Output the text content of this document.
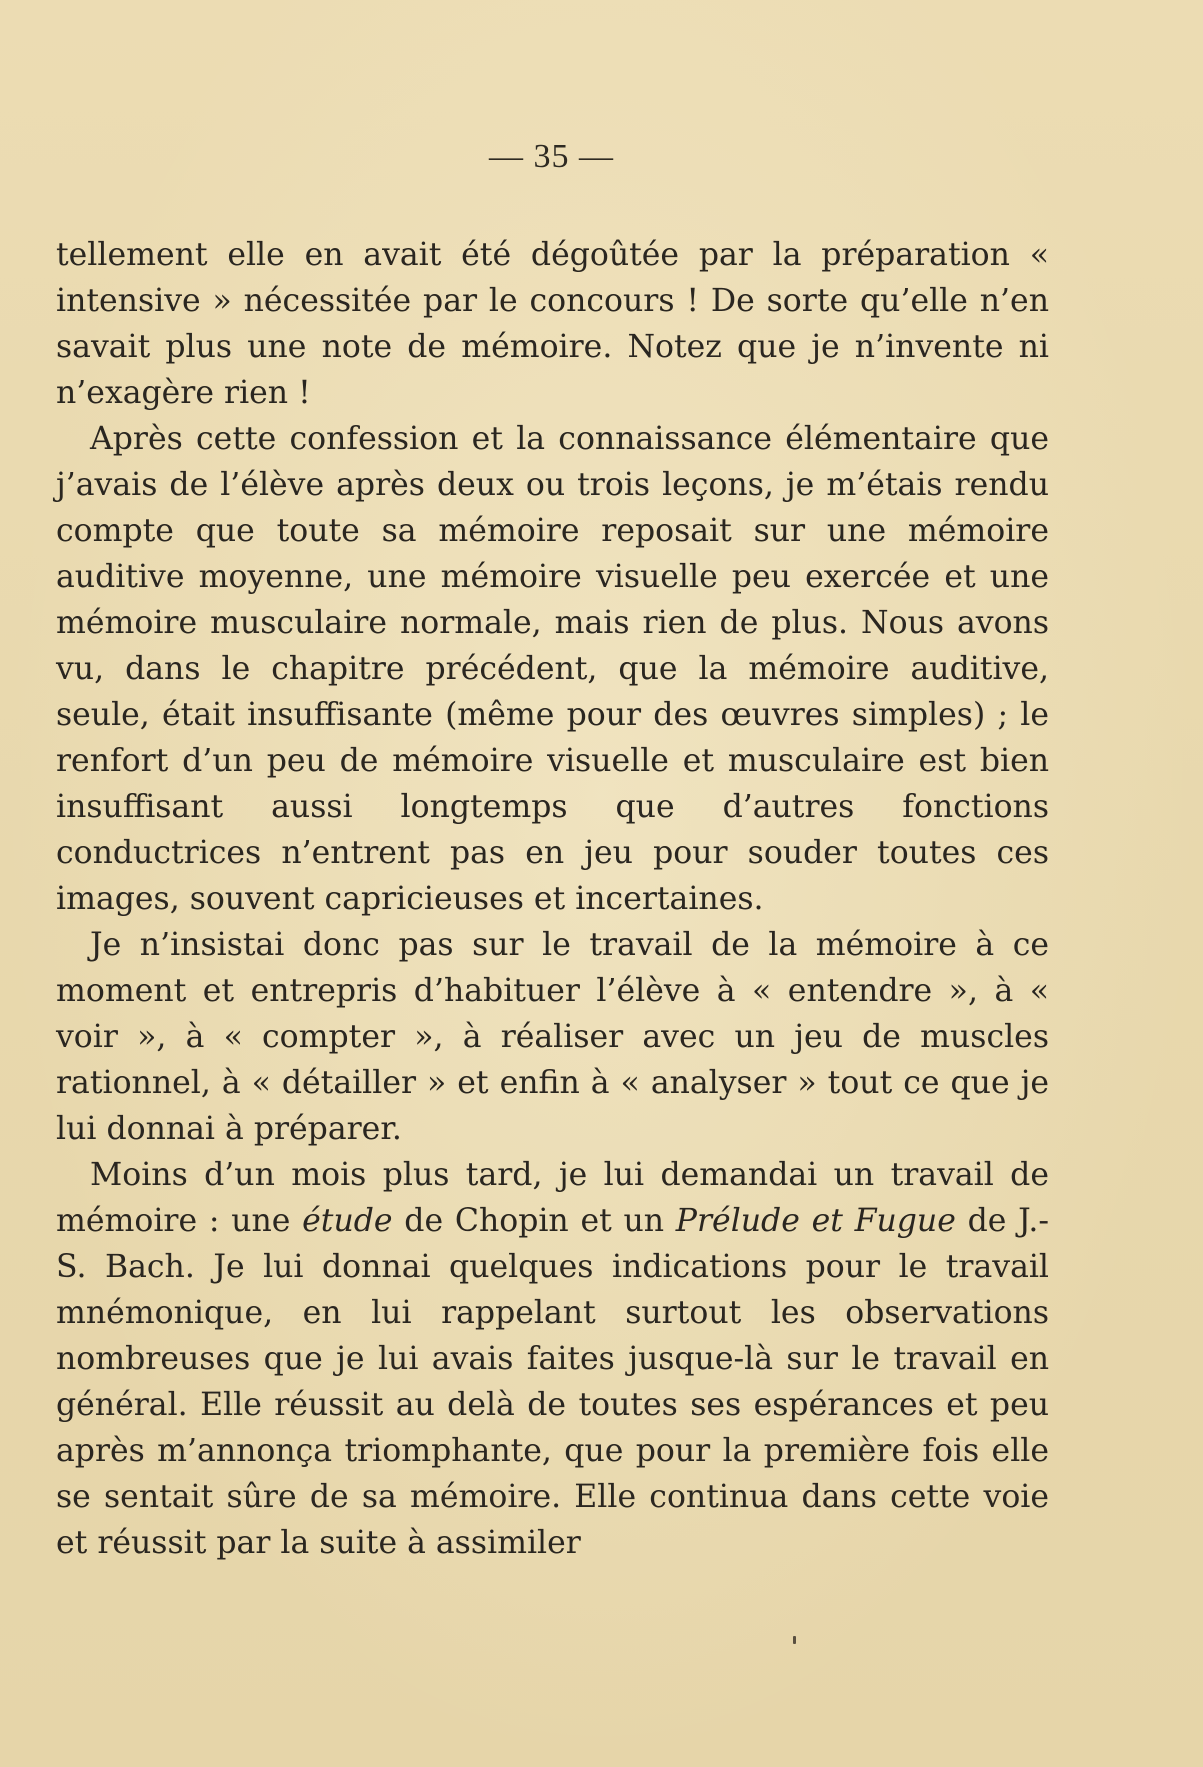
— 35 —

tellement elle en avait été dégoûtée par la préparation « intensive » nécessitée par le concours ! De sorte qu’elle n’en savait plus une note de mémoire. Notez que je n’invente ni n’exagère rien !

Après cette confession et la connaissance élémentaire que j’avais de l’élève après deux ou trois leçons, je m’étais rendu compte que toute sa mémoire reposait sur une mémoire auditive moyenne, une mémoire visuelle peu exercée et une mémoire musculaire normale, mais rien de plus. Nous avons vu, dans le chapitre précédent, que la mémoire auditive, seule, était insuffisante (même pour des œuvres simples) ; le renfort d’un peu de mémoire visuelle et musculaire est bien insuffisant aussi longtemps que d’autres fonctions conductrices n’entrent pas en jeu pour souder toutes ces images, souvent capricieuses et incertaines.

Je n’insistai donc pas sur le travail de la mémoire à ce moment et entrepris d’habituer l’élève à « entendre », à « voir », à « compter », à réaliser avec un jeu de muscles rationnel, à « détailler » et enfin à « analyser » tout ce que je lui donnai à préparer.

Moins d’un mois plus tard, je lui demandai un travail de mémoire : une étude de Chopin et un Prélude et Fugue de J.-S. Bach. Je lui donnai quelques indications pour le travail mnémonique, en lui rappelant surtout les observations nombreuses que je lui avais faites jusque-là sur le travail en général. Elle réussit au delà de toutes ses espérances et peu après m’annonça triomphante, que pour la première fois elle se sentait sûre de sa mémoire. Elle continua dans cette voie et réussit par la suite à assimiler
